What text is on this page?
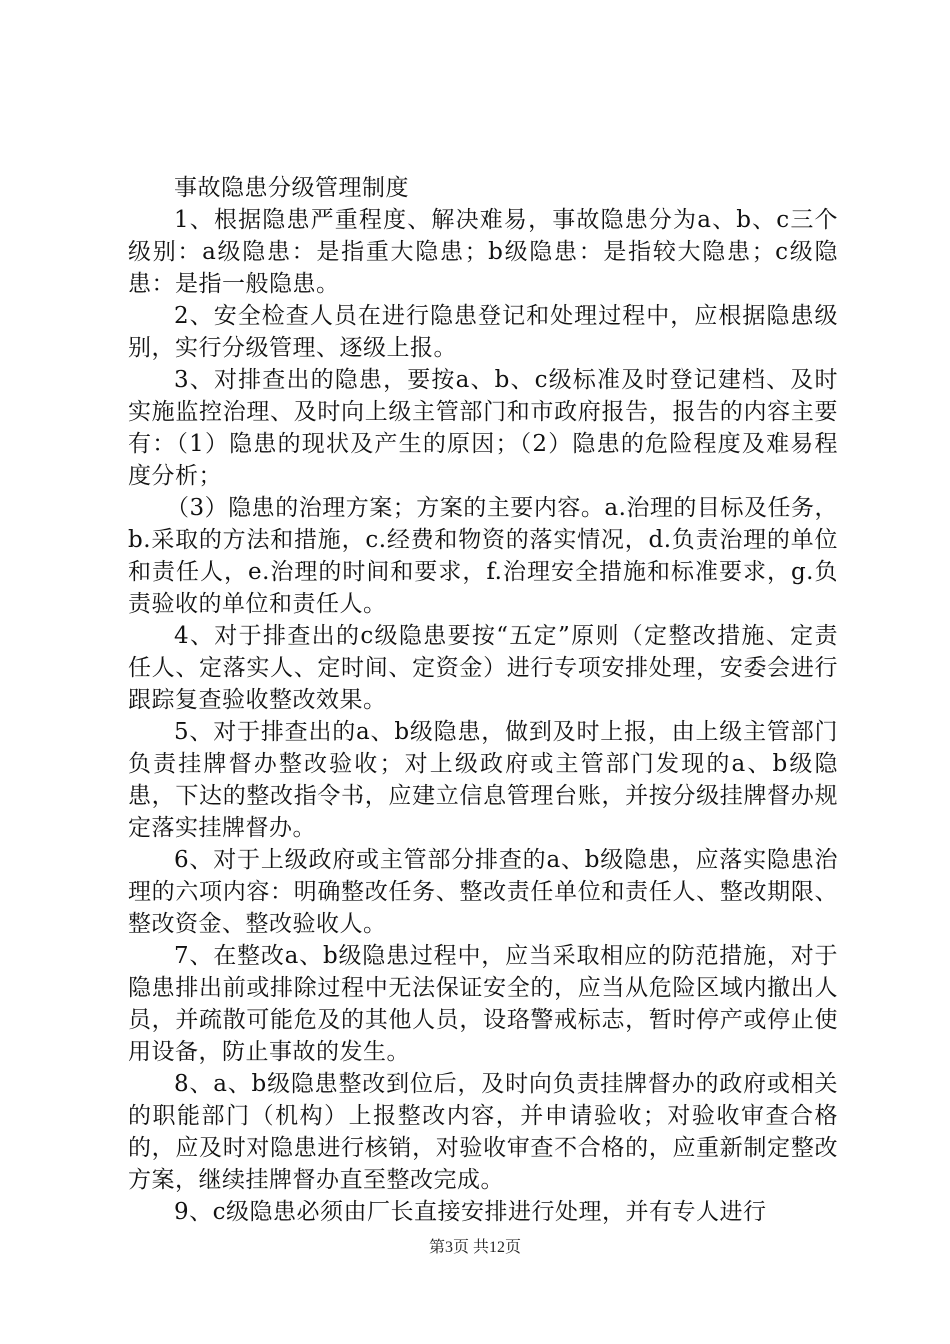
事故隐患分级管理制度

1、根据隐患严重程度、解决难易，事故隐患分为a、b、c三个级别：a级隐患：是指重大隐患；b级隐患：是指较大隐患；c级隐患：是指一般隐患。

2、安全检查人员在进行隐患登记和处理过程中，应根据隐患级别，实行分级管理、逐级上报。

3、对排查出的隐患，要按a、b、c级标准及时登记建档、及时实施监控治理、及时向上级主管部门和市政府报告，报告的内容主要有：（1）隐患的现状及产生的原因；（2）隐患的危险程度及难易程度分析；

（3）隐患的治理方案；方案的主要内容。a.治理的目标及任务，b.采取的方法和措施，c.经费和物资的落实情况，d.负责治理的单位和责任人，e.治理的时间和要求，f.治理安全措施和标准要求，g.负责验收的单位和责任人。

4、对于排查出的c级隐患要按“五定”原则（定整改措施、定责任人、定落实人、定时间、定资金）进行专项安排处理，安委会进行跟踪复查验收整改效果。

5、对于排查出的a、b级隐患，做到及时上报，由上级主管部门负责挂牌督办整改验收；对上级政府或主管部门发现的a、b级隐患，下达的整改指令书，应建立信息管理台账，并按分级挂牌督办规定落实挂牌督办。

6、对于上级政府或主管部分排查的a、b级隐患，应落实隐患治理的六项内容：明确整改任务、整改责任单位和责任人、整改期限、整改资金、整改验收人。

7、在整改a、b级隐患过程中，应当采取相应的防范措施，对于隐患排出前或排除过程中无法保证安全的，应当从危险区域内撤出人员，并疏散可能危及的其他人员，设珞警戒标志，暂时停产或停止使用设备，防止事故的发生。

8、a、b级隐患整改到位后，及时向负责挂牌督办的政府或相关的职能部门（机构）上报整改内容，并申请验收；对验收审查合格的，应及时对隐患进行核销，对验收审查不合格的，应重新制定整改方案，继续挂牌督办直至整改完成。

9、c级隐患必须由厂长直接安排进行处理，并有专人进行

第3页 共12页
